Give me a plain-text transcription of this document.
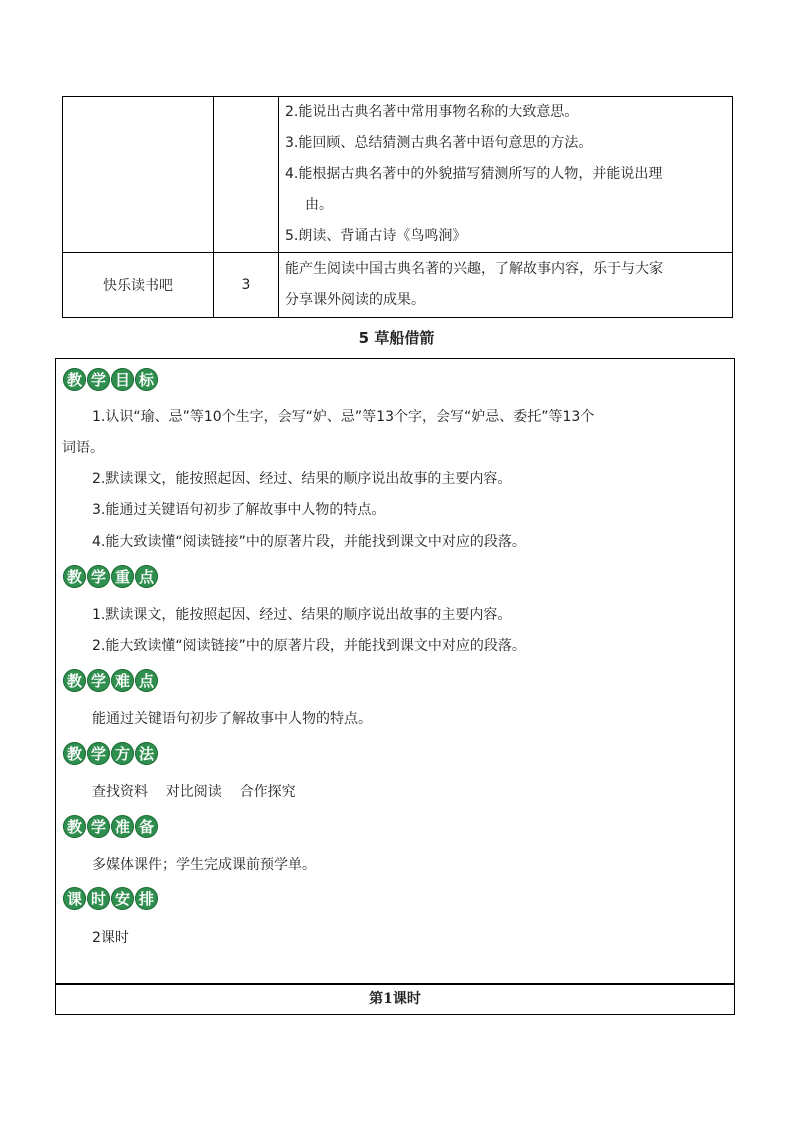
		2.能说出古典名著中常用事物名称的大致意思。
3.能回顾、总结猜测古典名著中语句意思的方法。
4.能根据古典名著中的外貌描写猜测所写的人物，并能说出理
由。
5.朗读、背诵古诗《鸟鸣涧》

快乐读书吧	3	能产生阅读中国古典名著的兴趣，了解故事内容，乐于与大家
分享课外阅读的成果。
5 草船借箭
教 学 目 标
1.认识“瑜、忌”等10个生字，会写“妒、忌”等13个字，会写“妒忌、委托”等13个
词语。
2.默读课文，能按照起因、经过、结果的顺序说出故事的主要内容。
3.能通过关键语句初步了解故事中人物的特点。
4.能大致读懂“阅读链接”中的原著片段，并能找到课文中对应的段落。
教 学 重 点
1.默读课文，能按照起因、经过、结果的顺序说出故事的主要内容。
2.能大致读懂“阅读链接”中的原著片段，并能找到课文中对应的段落。
教 学 难 点
能通过关键语句初步了解故事中人物的特点。
教 学 方 法
查找资料    对比阅读    合作探究
教 学 准 备
多媒体课件；学生完成课前预学单。
课 时 安 排
2课时
第1课时
